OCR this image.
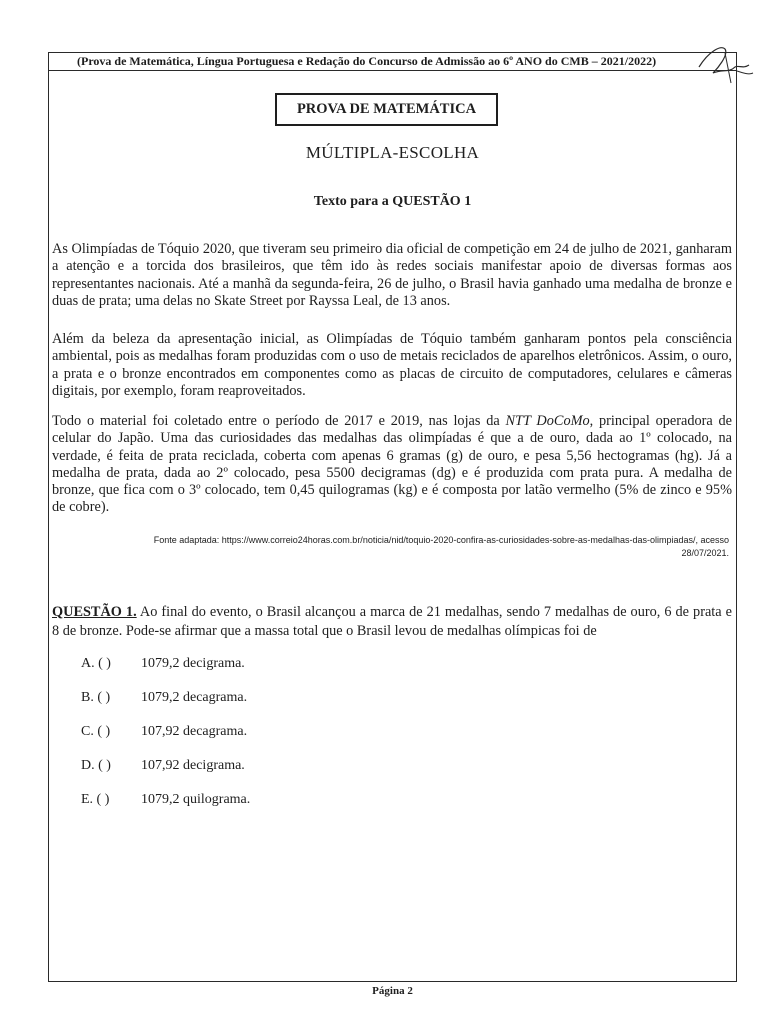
(Prova de Matemática, Língua Portuguesa e Redação do Concurso de Admissão ao 6º ANO do CMB – 2021/2022)
PROVA DE MATEMÁTICA
MÚLTIPLA-ESCOLHA
Texto para a QUESTÃO 1
As Olimpíadas de Tóquio 2020, que tiveram seu primeiro dia oficial de competição em 24 de julho de 2021, ganharam a atenção e a torcida dos brasileiros, que têm ido às redes sociais manifestar apoio de diversas formas aos representantes nacionais. Até a manhã da segunda-feira, 26 de julho, o Brasil havia ganhado uma medalha de bronze e duas de prata; uma delas no Skate Street por Rayssa Leal, de 13 anos.
Além da beleza da apresentação inicial, as Olimpíadas de Tóquio também ganharam pontos pela consciência ambiental, pois as medalhas foram produzidas com o uso de metais reciclados de aparelhos eletrônicos. Assim, o ouro, a prata e o bronze encontrados em componentes como as placas de circuito de computadores, celulares e câmeras digitais, por exemplo, foram reaproveitados.
Todo o material foi coletado entre o período de 2017 e 2019, nas lojas da NTT DoCoMo, principal operadora de celular do Japão. Uma das curiosidades das medalhas das olimpíadas é que a de ouro, dada ao 1º colocado, na verdade, é feita de prata reciclada, coberta com apenas 6 gramas (g) de ouro, e pesa 5,56 hectogramas (hg). Já a medalha de prata, dada ao 2º colocado, pesa 5500 decigramas (dg) e é produzida com prata pura. A medalha de bronze, que fica com o 3º colocado, tem 0,45 quilogramas (kg) e é composta por latão vermelho (5% de zinco e 95% de cobre).
Fonte adaptada: https://www.correio24horas.com.br/noticia/nid/toquio-2020-confira-as-curiosidades-sobre-as-medalhas-das-olimpiadas/, acesso
28/07/2021.
QUESTÃO 1. Ao final do evento, o Brasil alcançou a marca de 21 medalhas, sendo 7 medalhas de ouro, 6 de prata e 8 de bronze. Pode-se afirmar que a massa total que o Brasil levou de medalhas olímpicas foi de
A. ( )	1079,2 decigrama.
B. ( )	1079,2 decagrama.
C. ( )	107,92 decagrama.
D. ( )	107,92 decigrama.
E. ( )	1079,2 quilograma.
Página 2
